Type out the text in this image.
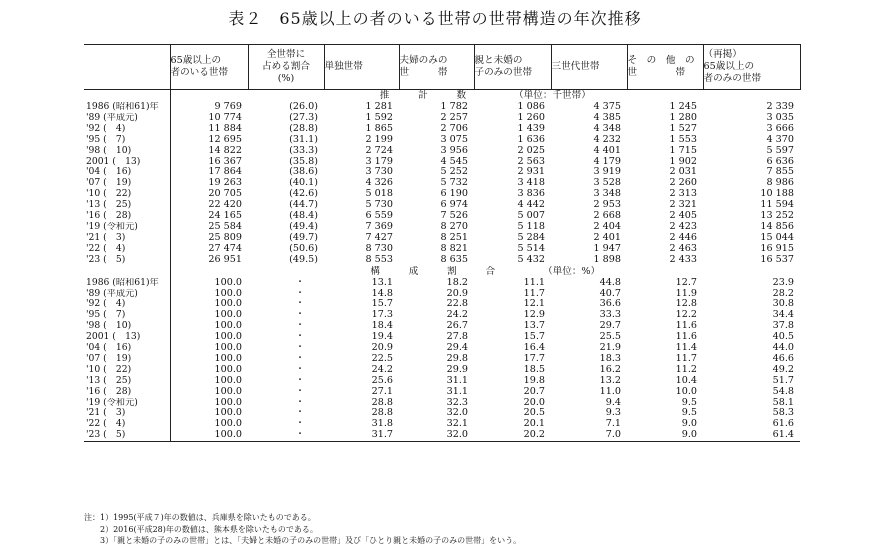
表２　65歳以上の者のいる世帯の世帯構造の年次推移
	65歳以上の
者のいる世帯	全世帯に
占める割合
(%)	単独世帯	夫婦のみの
世　　　帯	親と未婚の
子のみの世帯	三世代世帯	そ　の　他　の
世　　　　帯	（再掲）
65歳以上の
者のみの世帯
	推　　　計　　　数 （単位：千世帯）							
1986 (昭和61)年	9 769	(26.0)	1 281	1 782	1 086	4 375	1 245	2 339
'89 (平成元)	10 774	(27.3)	1 592	2 257	1 260	4 385	1 280	3 035
'92 (　4)	11 884	(28.8)	1 865	2 706	1 439	4 348	1 527	3 666
'95 (　7)	12 695	(31.1)	2 199	3 075	1 636	4 232	1 553	4 370
'98 (　10)	14 822	(33.3)	2 724	3 956	2 025	4 401	1 715	5 597
2001 (　13)	16 367	(35.8)	3 179	4 545	2 563	4 179	1 902	6 636
'04 (　16)	17 864	(38.6)	3 730	5 252	2 931	3 919	2 031	7 855
'07 (　19)	19 263	(40.1)	4 326	5 732	3 418	3 528	2 260	8 986
'10 (　22)	20 705	(42.6)	5 018	6 190	3 836	3 348	2 313	10 188
'13 (　25)	22 420	(44.7)	5 730	6 974	4 442	2 953	2 321	11 594
'16 (　28)	24 165	(48.4)	6 559	7 526	5 007	2 668	2 405	13 252
'19 (令和元)	25 584	(49.4)	7 369	8 270	5 118	2 404	2 423	14 856
'21 (　3)	25 809	(49.7)	7 427	8 251	5 284	2 401	2 446	15 044
'22 (　4)	27 474	(50.6)	8 730	8 821	5 514	1 947	2 463	16 915
'23 (　5)	26 951	(49.5)	8 553	8 635	5 432	1 898	2 433	16 537
	構　　　成　　　割　　　合 （単位：%）							
1986 (昭和61)年	100.0	・	13.1	18.2	11.1	44.8	12.7	23.9
'89 (平成元)	100.0	・	14.8	20.9	11.7	40.7	11.9	28.2
'92 (　4)	100.0	・	15.7	22.8	12.1	36.6	12.8	30.8
'95 (　7)	100.0	・	17.3	24.2	12.9	33.3	12.2	34.4
'98 (　10)	100.0	・	18.4	26.7	13.7	29.7	11.6	37.8
2001 (　13)	100.0	・	19.4	27.8	15.7	25.5	11.6	40.5
'04 (　16)	100.0	・	20.9	29.4	16.4	21.9	11.4	44.0
'07 (　19)	100.0	・	22.5	29.8	17.7	18.3	11.7	46.6
'10 (　22)	100.0	・	24.2	29.9	18.5	16.2	11.2	49.2
'13 (　25)	100.0	・	25.6	31.1	19.8	13.2	10.4	51.7
'16 (　28)	100.0	・	27.1	31.1	20.7	11.0	10.0	54.8
'19 (令和元)	100.0	・	28.8	32.3	20.0	9.4	9.5	58.1
'21 (　3)	100.0	・	28.8	32.0	20.5	9.3	9.5	58.3
'22 (　4)	100.0	・	31.8	32.1	20.1	7.1	9.0	61.6
'23 (　5)	100.0	・	31.7	32.0	20.2	7.0	9.0	61.4
注：1）1995(平成７)年の数値は、兵庫県を除いたものである。
　　2）2016(平成28)年の数値は、熊本県を除いたものである。
　　3）「親と未婚の子のみの世帯」とは、「夫婦と未婚の子のみの世帯」及び「ひとり親と未婚の子のみの世帯」をいう。
